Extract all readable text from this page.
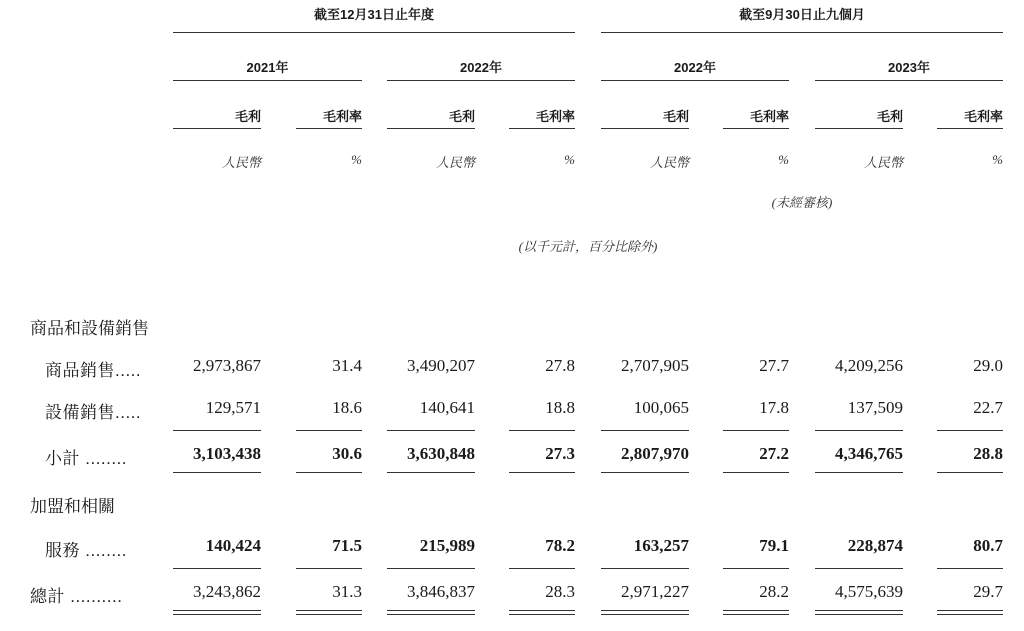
截至12月31日止年度	截至9月30日止九個月
2021年	2022年	2022年	2023年
毛利	毛利率	毛利	毛利率	毛利	毛利率	毛利	毛利率
人民幣	%	人民幣	%	人民幣	%	人民幣	%
(未經審核)
(以千元計，百分比除外)
商品和設備銷售
商品銷售.....	2,973,867	31.4	3,490,207	27.8	2,707,905	27.7	4,209,256	29.0
設備銷售.....	129,571	18.6	140,641	18.8	100,065	17.8	137,509	22.7
小計 ........	3,103,438	30.6	3,630,848	27.3	2,807,970	27.2	4,346,765	28.8
加盟和相關
服務 ........	140,424	71.5	215,989	78.2	163,257	79.1	228,874	80.7
總計 ..........	3,243,862	31.3	3,846,837	28.3	2,971,227	28.2	4,575,639	29.7
